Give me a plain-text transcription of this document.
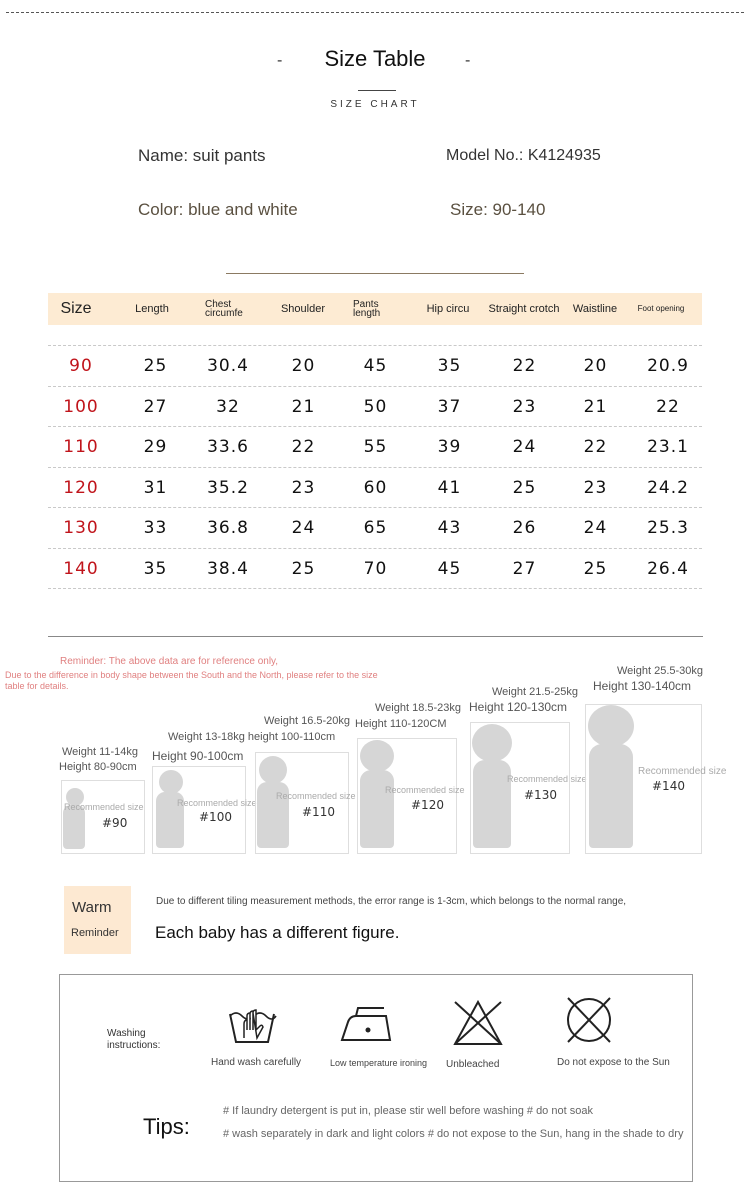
-	Size Table	-
SIZE CHART
Name: suit pants	Model No.: K4124935
Color: blue and white	Size: 90-140
Size	Length	Chest circumfe	Shoulder	Pants length	Hip circu	Straight crotch	Waistline	Foot opening
90	25	30.4	20	45	35	22	20	20.9
100	27	32	21	50	37	23	21	22
110	29	33.6	22	55	39	24	22	23.1
120	31	35.2	23	60	41	25	23	24.2
130	33	36.8	24	65	43	26	24	25.3
140	35	38.4	25	70	45	27	25	26.4
Reminder: The above data are for reference only,
Due to the difference in body shape between the South and the North, please refer to the size table for details.
Weight 11-14kg
Height 80-90cm
Recommended size
#90
Weight 13-18kg height 100-110cm
Height 90-100cm
Recommended size
#100
Weight 16.5-20kg
Recommended size
#110
Weight 18.5-23kg
Height 110-120CM
Recommended size
#120
Weight 21.5-25kg
Height 120-130cm
Recommended size
#130
Weight 25.5-30kg
Height 130-140cm
Recommended size
#140
Warm
Reminder
Due to different tiling measurement methods, the error range is 1-3cm, which belongs to the normal range,
Each baby has a different figure.
Washing instructions:
Hand wash carefully	Low temperature ironing Unbleached	Do not expose to the Sun
Tips:
# If laundry detergent is put in, please stir well before washing # do not soak
# wash separately in dark and light colors # do not expose to the Sun, hang in the shade to dry
